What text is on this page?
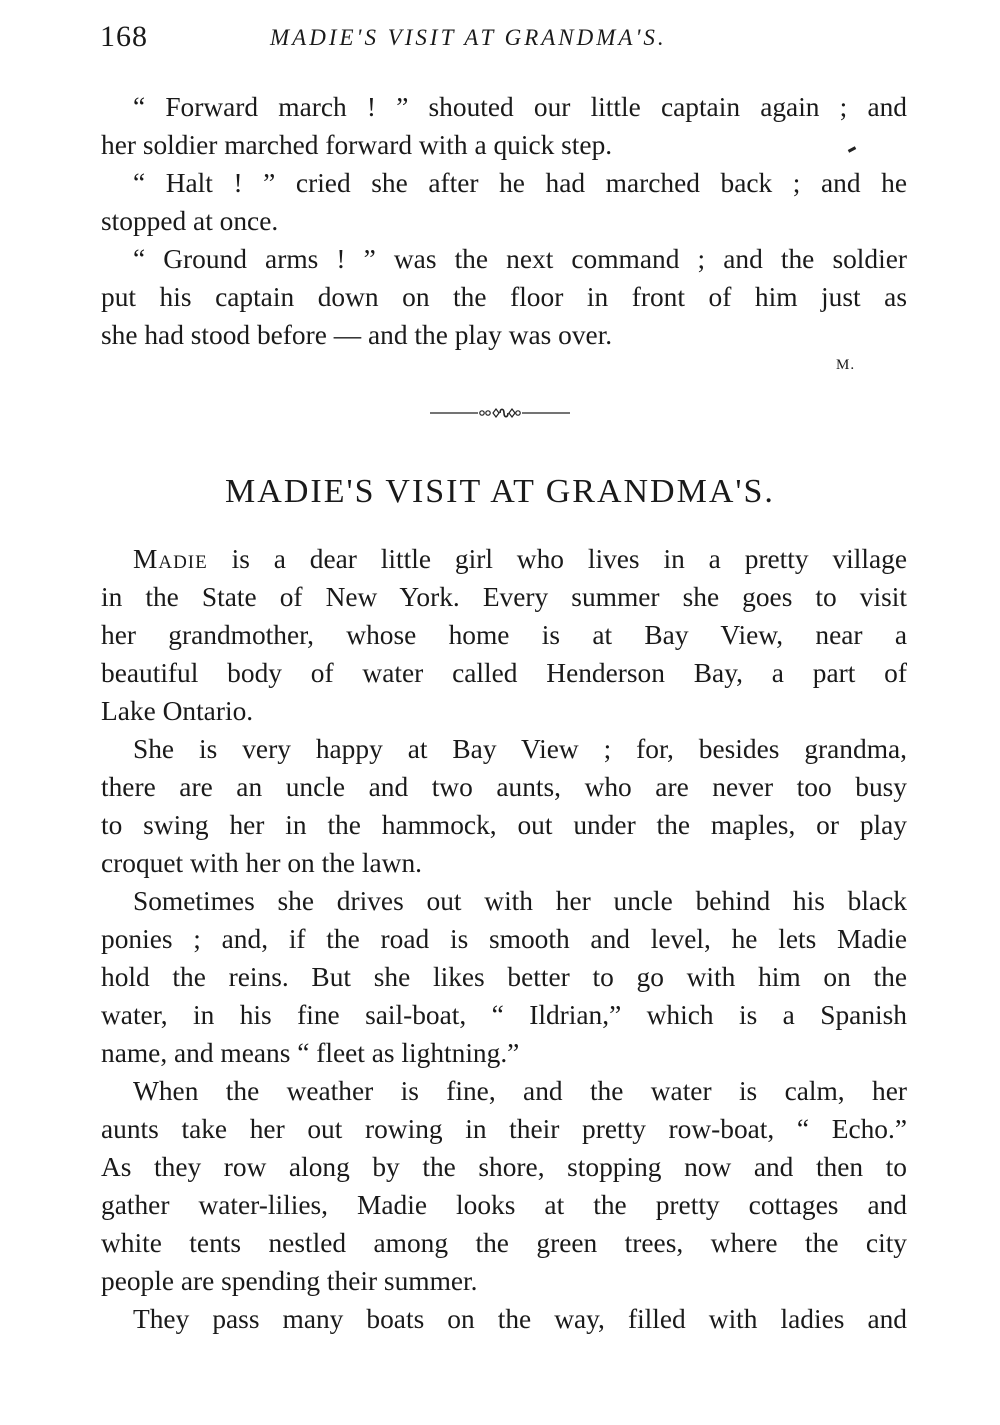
168	MADIE'S VISIT AT GRANDMA'S.
“ Forward march ! ” shouted our little captain again ; and
her soldier marched forward with a quick step.
“ Halt ! ” cried she after he had marched back ; and he
stopped at once.
“ Ground arms ! ” was the next command ; and the soldier
put his captain down on the floor in front of him just as
she had stood before — and the play was over.
M.
MADIE'S VISIT AT GRANDMA'S.
Madie is a dear little girl who lives in a pretty village
in the State of New York. Every summer she goes to visit
her grandmother, whose home is at Bay View, near a
beautiful body of water called Henderson Bay, a part of
Lake Ontario.
She is very happy at Bay View ; for, besides grandma,
there are an uncle and two aunts, who are never too busy
to swing her in the hammock, out under the maples, or play
croquet with her on the lawn.
Sometimes she drives out with her uncle behind his black
ponies ; and, if the road is smooth and level, he lets Madie
hold the reins. But she likes better to go with him on the
water, in his fine sail-boat, “ Ildrian,” which is a Spanish
name, and means “ fleet as lightning.”
When the weather is fine, and the water is calm, her
aunts take her out rowing in their pretty row-boat, “ Echo.”
As they row along by the shore, stopping now and then to
gather water-lilies, Madie looks at the pretty cottages and
white tents nestled among the green trees, where the city
people are spending their summer.
They pass many boats on the way, filled with ladies and
